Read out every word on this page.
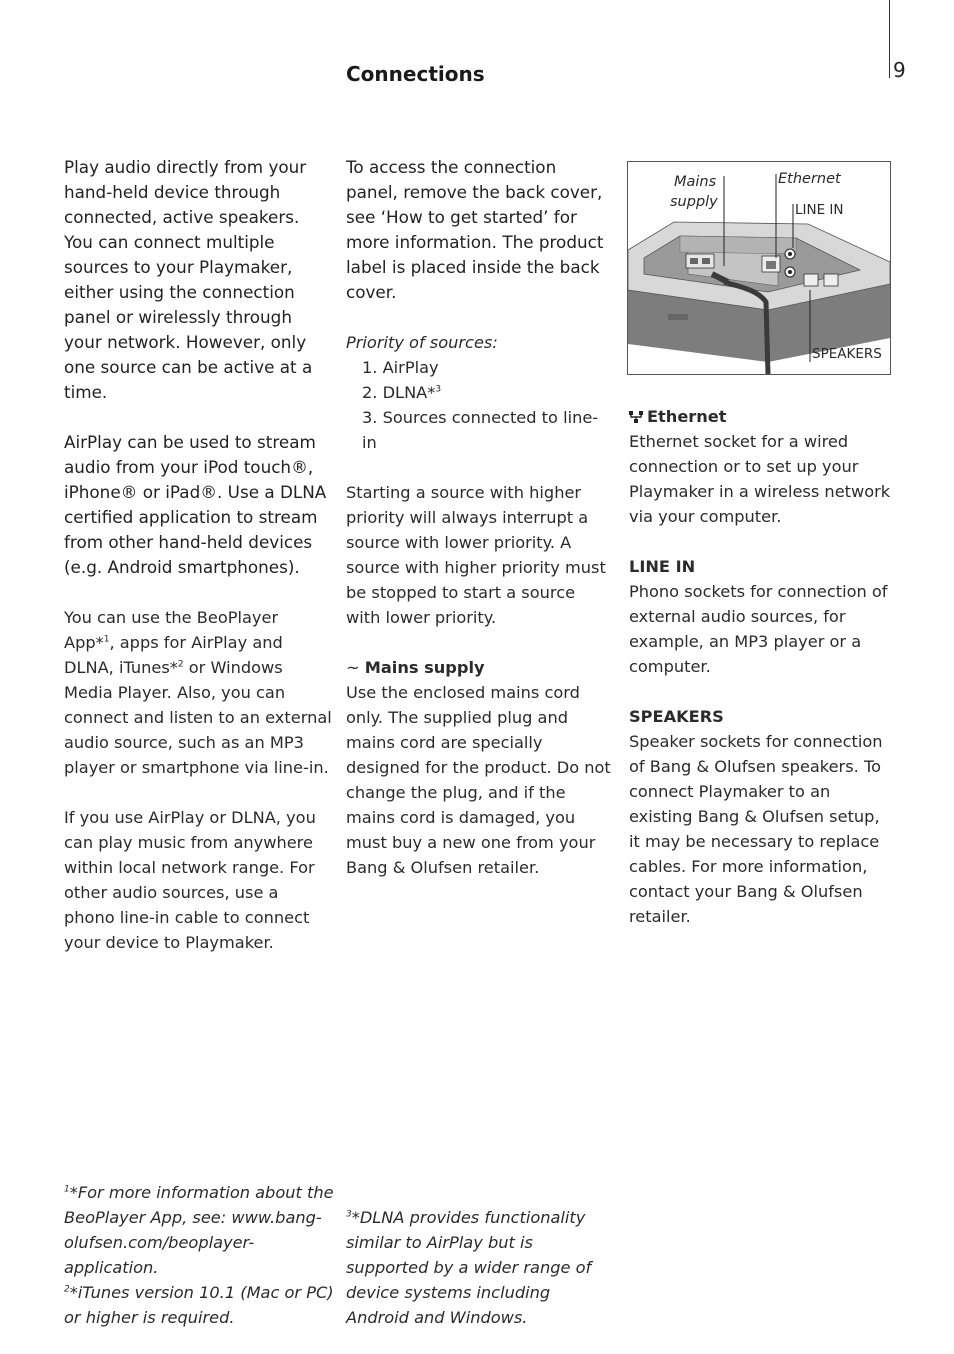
9
Connections

Play audio directly from your hand-held device through connected, active speakers. You can connect multiple sources to your Playmaker, either using the connection panel or wirelessly through your network. However, only one source can be active at a time.

AirPlay can be used to stream audio from your iPod touch®, iPhone® or iPad®. Use a DLNA certified application to stream from other hand-held devices (e.g. Android smartphones).

You can use the BeoPlayer App*$^1$, apps for AirPlay and DLNA, iTunes*$^2$ or Windows Media Player. Also, you can connect and listen to an external audio source, such as an MP3 player or smartphone via line-in.

If you use AirPlay or DLNA, you can play music from anywhere within local network range. For other audio sources, use a phono line-in cable to connect your device to Playmaker.

To access the connection panel, remove the back cover, see ‘How to get started’ for more information. The product label is placed inside the back cover.

Priority of sources:

1. AirPlay

2. DLNA*$^3$

3. Sources connected to line-in

Starting a source with higher priority will always interrupt a source with lower priority. A source with higher priority must be stopped to start a source with lower priority.

~ Mains supply

Use the enclosed mains cord only. The supplied plug and mains cord are specially designed for the product. Do not change the plug, and if the mains cord is damaged, you must buy a new one from your Bang & Olufsen retailer.

Mains
supply
Ethernet
LINE IN
SPEAKERS

Ethernet

Ethernet socket for a wired connection or to set up your Playmaker in a wireless network via your computer.

LINE IN

Phono sockets for connection of external audio sources, for example, an MP3 player or a computer.

SPEAKERS

Speaker sockets for connection of Bang & Olufsen speakers. To connect Playmaker to an existing Bang & Olufsen setup, it may be necessary to replace cables. For more information, contact your Bang & Olufsen retailer.

$^1$*For more information about the BeoPlayer App, see: www.bang-olufsen.com/beoplayer-application.

$^2$*iTunes version 10.1 (Mac or PC) or higher is required.

$^3$*DLNA provides functionality similar to AirPlay but is supported by a wider range of device systems including Android and Windows.
